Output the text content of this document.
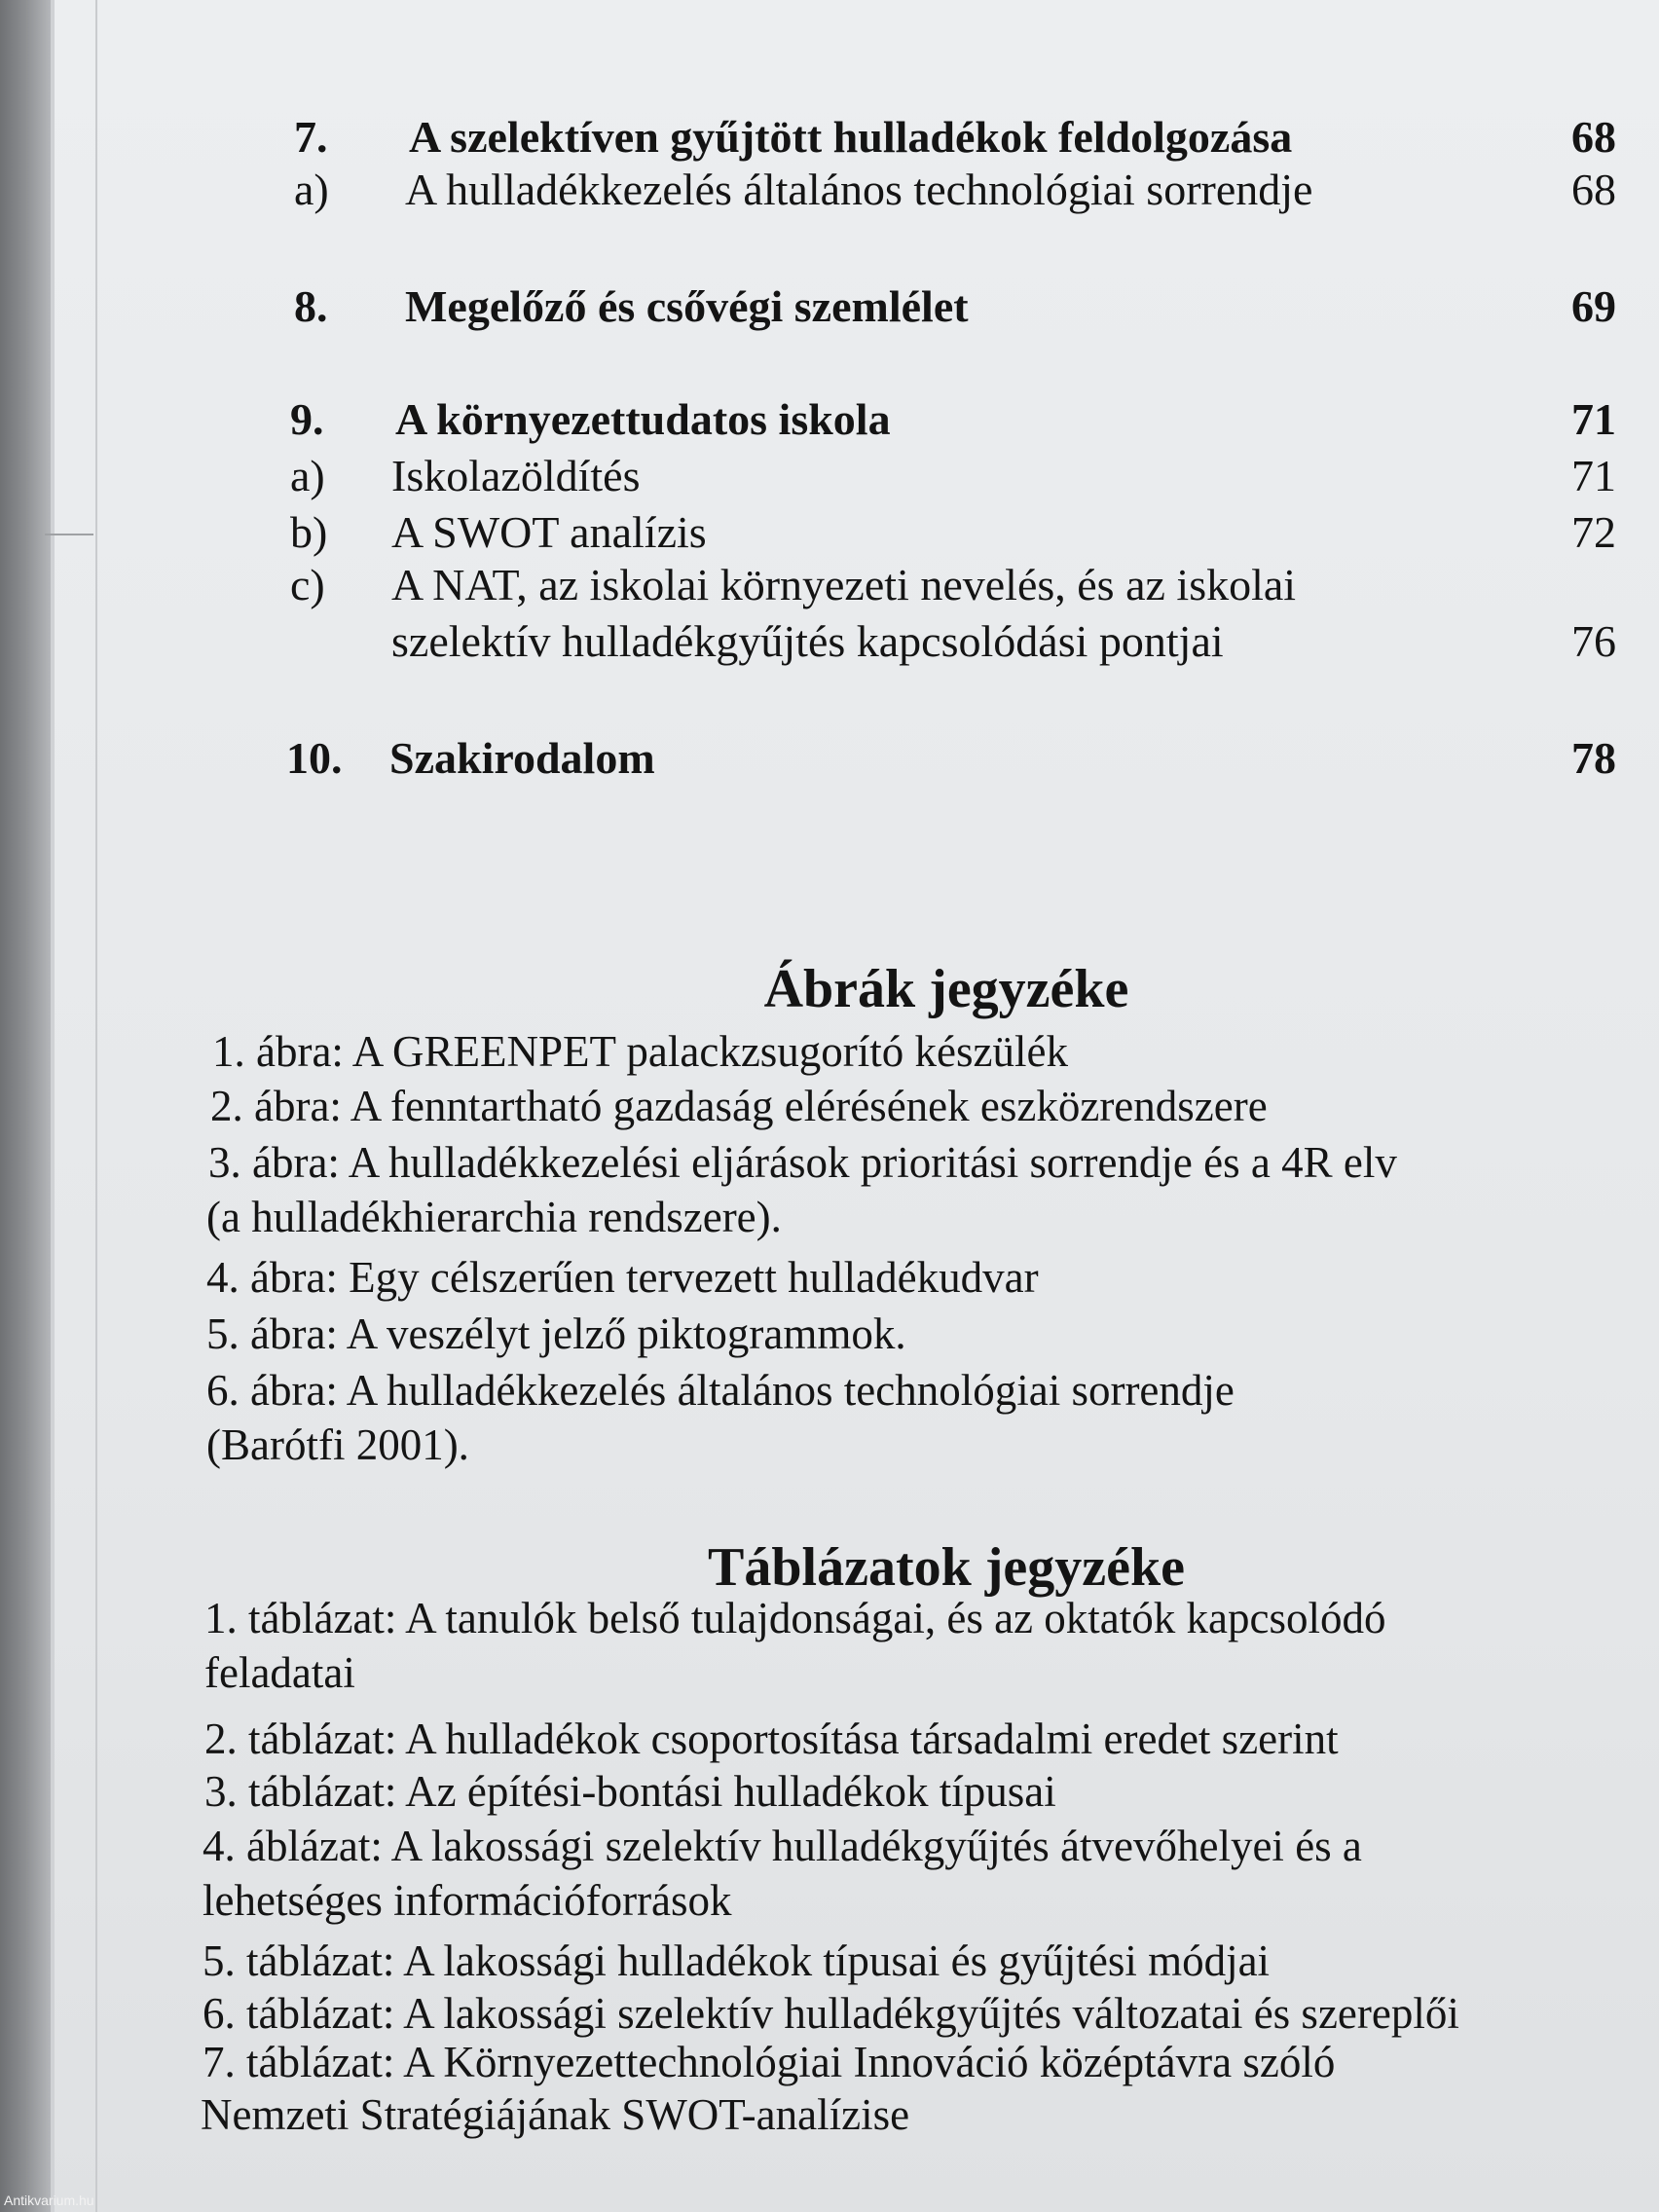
7. A szelektíven gyűjtött hulladékok feldolgozása	68
a) A hulladékkezelés általános technológiai sorrendje	68
8. Megelőző és csővégi szemlélet	69
9. A környezettudatos iskola	71
a) Iskolazöldítés	71
b) A SWOT analízis	72
c) A NAT, az iskolai környezeti nevelés, és az iskolai
szelektív hulladékgyűjtés kapcsolódási pontjai	76
10. Szakirodalom	78
Ábrák jegyzéke
1. ábra: A GREENPET palackzsugorító készülék
2. ábra: A fenntartható gazdaság elérésének eszközrendszere
3. ábra: A hulladékkezelési eljárások prioritási sorrendje és a 4R elv
(a hulladékhierarchia rendszere).
4. ábra: Egy célszerűen tervezett hulladékudvar
5. ábra: A veszélyt jelző piktogrammok.
6. ábra: A hulladékkezelés általános technológiai sorrendje
(Barótfi 2001).
Táblázatok jegyzéke
1. táblázat: A tanulók belső tulajdonságai, és az oktatók kapcsolódó
feladatai
2. táblázat: A hulladékok csoportosítása társadalmi eredet szerint
3. táblázat: Az építési-bontási hulladékok típusai
4. áblázat: A lakossági szelektív hulladékgyűjtés átvevőhelyei és a
lehetséges információforrások
5. táblázat: A lakossági hulladékok típusai és gyűjtési módjai
6. táblázat: A lakossági szelektív hulladékgyűjtés változatai és szereplői
7. táblázat: A Környezettechnológiai Innováció középtávra szóló
Nemzeti Stratégiájának SWOT-analízise
Antikvarium.hu
